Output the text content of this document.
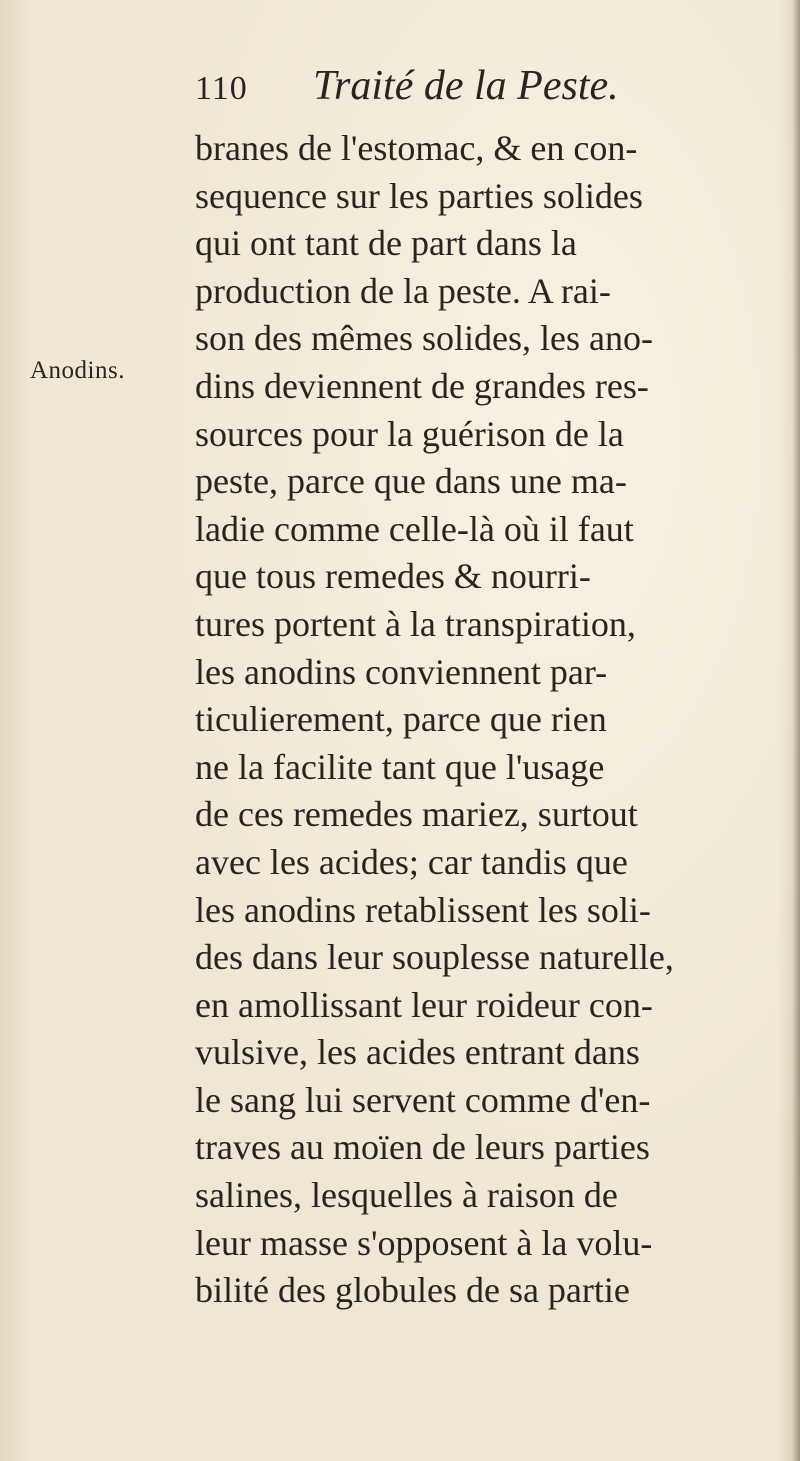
110 Traité de la Peste.
Anodins.
branes de l'estomac, & en con-
sequence sur les parties solides
qui ont tant de part dans la
production de la peste. A rai-
son des mêmes solides, les ano-
dins deviennent de grandes res-
sources pour la guérison de la
peste, parce que dans une ma-
ladie comme celle-là où il faut
que tous remedes & nourri-
tures portent à la transpiration,
les anodins conviennent par-
ticulierement, parce que rien
ne la facilite tant que l'usage
de ces remedes mariez, surtout
avec les acides; car tandis que
les anodins retablissent les soli-
des dans leur souplesse naturelle,
en amollissant leur roideur con-
vulsive, les acides entrant dans
le sang lui servent comme d'en-
traves au moïen de leurs parties
salines, lesquelles à raison de
leur masse s'opposent à la volu-
bilité des globules de sa partie
